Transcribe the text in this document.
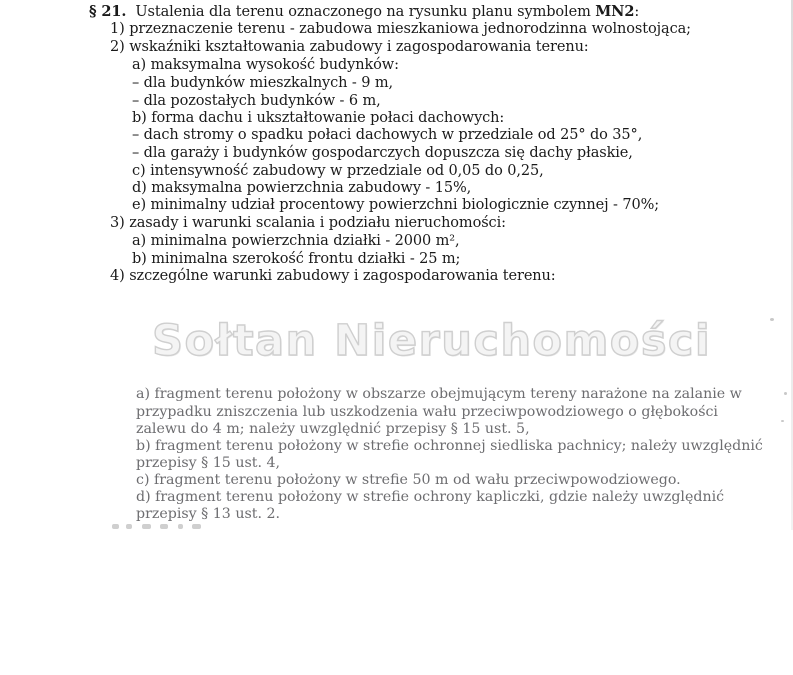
§ 21. Ustalenia dla terenu oznaczonego na rysunku planu symbolem MN2:
1) przeznaczenie terenu - zabudowa mieszkaniowa jednorodzinna wolnostojąca;
2) wskaźniki kształtowania zabudowy i zagospodarowania terenu:
a) maksymalna wysokość budynków:
– dla budynków mieszkalnych - 9 m,
– dla pozostałych budynków - 6 m,
b) forma dachu i ukształtowanie połaci dachowych:
– dach stromy o spadku połaci dachowych w przedziale od 25° do 35°,
– dla garaży i budynków gospodarczych dopuszcza się dachy płaskie,
c) intensywność zabudowy w przedziale od 0,05 do 0,25,
d) maksymalna powierzchnia zabudowy - 15%,
e) minimalny udział procentowy powierzchni biologicznie czynnej - 70%;
3) zasady i warunki scalania i podziału nieruchomości:
a) minimalna powierzchnia działki - 2000 m²,
b) minimalna szerokość frontu działki - 25 m;
4) szczególne warunki zabudowy i zagospodarowania terenu:
Sołtan Nieruchomości
a) fragment terenu położony w obszarze obejmującym tereny narażone na zalanie w
przypadku zniszczenia lub uszkodzenia wału przeciwpowodziowego o głębokości
zalewu do 4 m; należy uwzględnić przepisy § 15 ust. 5,
b) fragment terenu położony w strefie ochronnej siedliska pachnicy; należy uwzględnić
przepisy § 15 ust. 4,
c) fragment terenu położony w strefie 50 m od wału przeciwpowodziowego.
d) fragment terenu położony w strefie ochrony kapliczki, gdzie należy uwzględnić
przepisy § 13 ust. 2.
